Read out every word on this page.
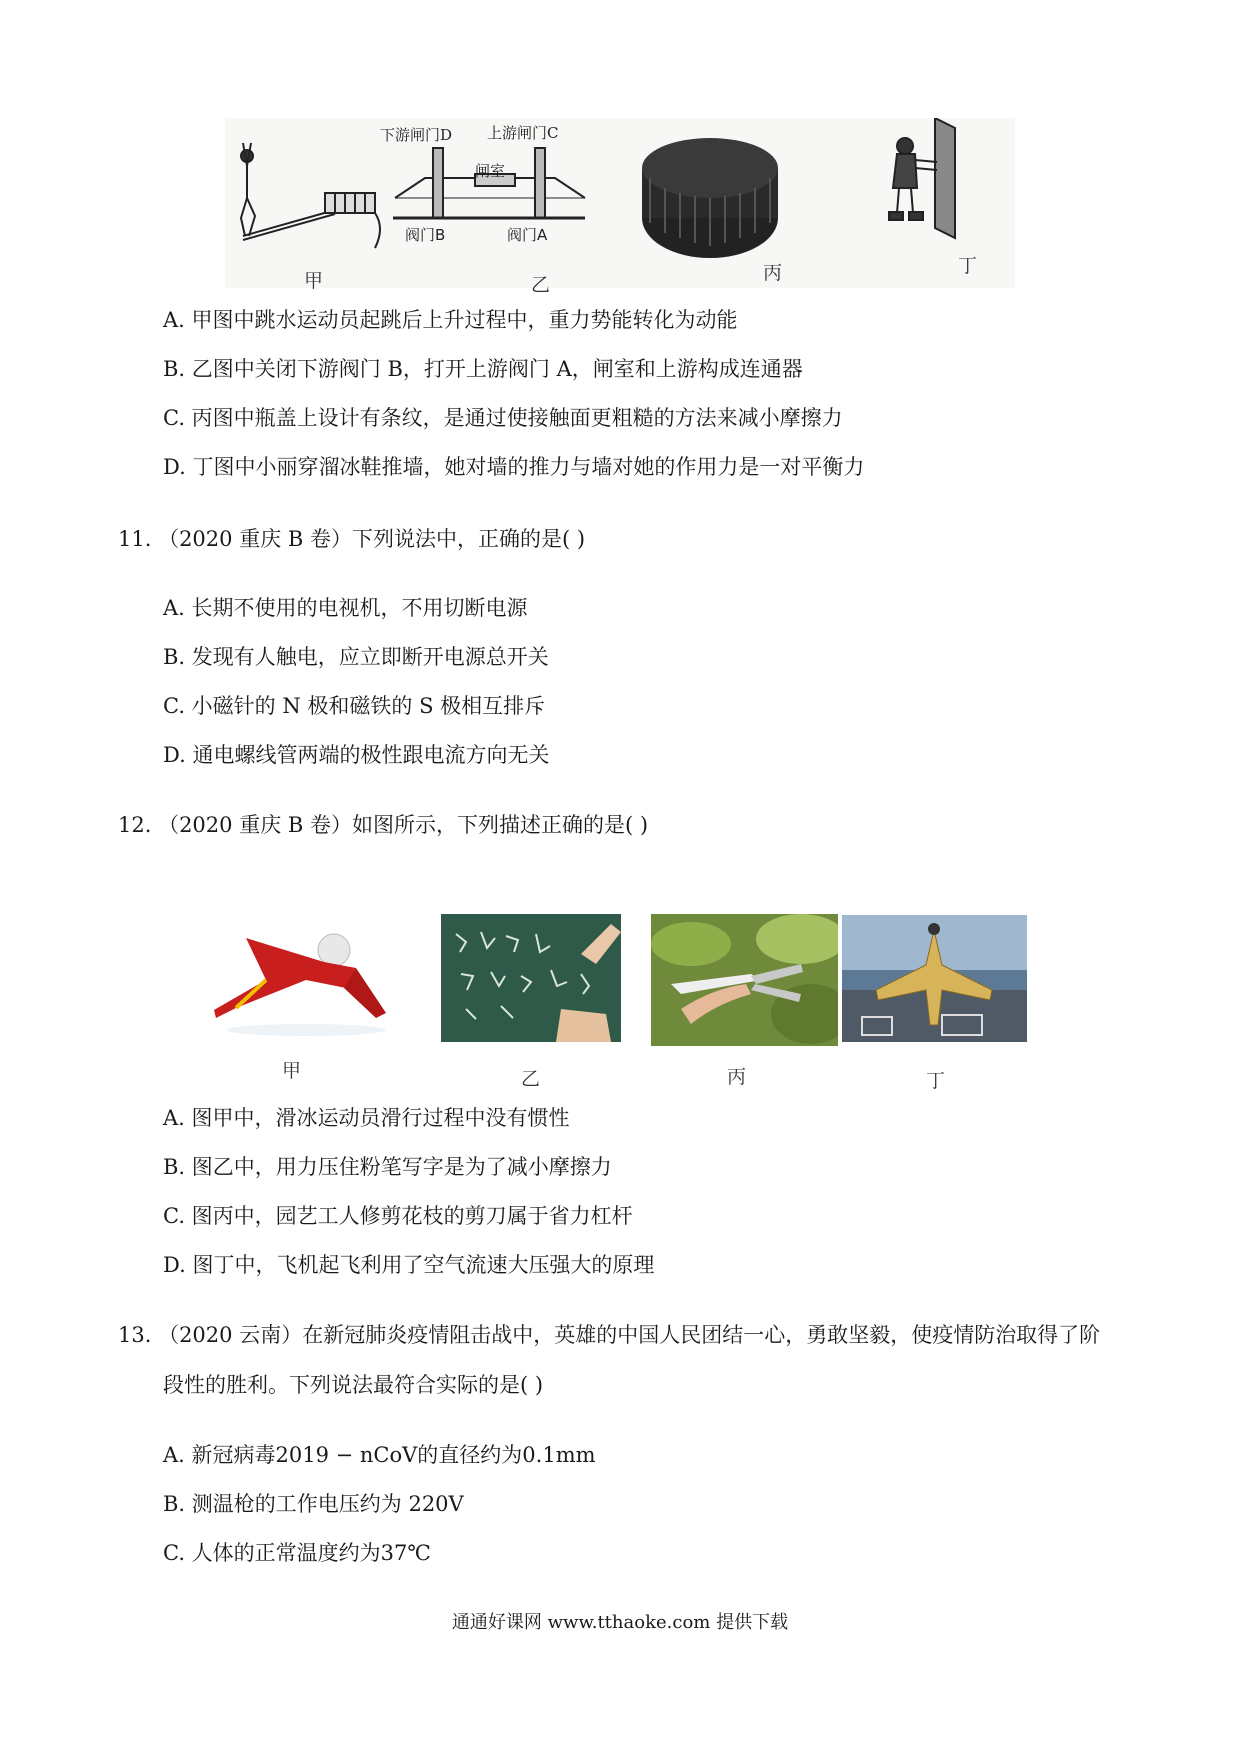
下游闸门D 上游闸门C
闸室
阀门B	阀门A
甲	乙
丙	丁
A. 甲图中跳水运动员起跳后上升过程中，重力势能转化为动能
B. 乙图中关闭下游阀门 B，打开上游阀门 A，闸室和上游构成连通器
C. 丙图中瓶盖上设计有条纹，是通过使接触面更粗糙的方法来减小摩擦力
D. 丁图中小丽穿溜冰鞋推墙，她对墙的推力与墙对她的作用力是一对平衡力
11. （2020 重庆 B 卷）下列说法中，正确的是( )
A. 长期不使用的电视机，不用切断电源
B. 发现有人触电，应立即断开电源总开关
C. 小磁针的 N 极和磁铁的 S 极相互排斥
D. 通电螺线管两端的极性跟电流方向无关
12. （2020 重庆 B 卷）如图所示，下列描述正确的是( )
甲	乙	丙	丁
A. 图甲中，滑冰运动员滑行过程中没有惯性
B. 图乙中，用力压住粉笔写字是为了减小摩擦力
C. 图丙中，园艺工人修剪花枝的剪刀属于省力杠杆
D. 图丁中，飞机起飞利用了空气流速大压强大的原理
13. （2020 云南）在新冠肺炎疫情阻击战中，英雄的中国人民团结一心，勇敢坚毅，使疫情防治取得了阶
段性的胜利。下列说法最符合实际的是( )
A. 新冠病毒2019 − nCoV的直径约为0.1mm
B. 测温枪的工作电压约为 220V
C. 人体的正常温度约为37℃
通通好课网 www.tthaoke.com 提供下载
